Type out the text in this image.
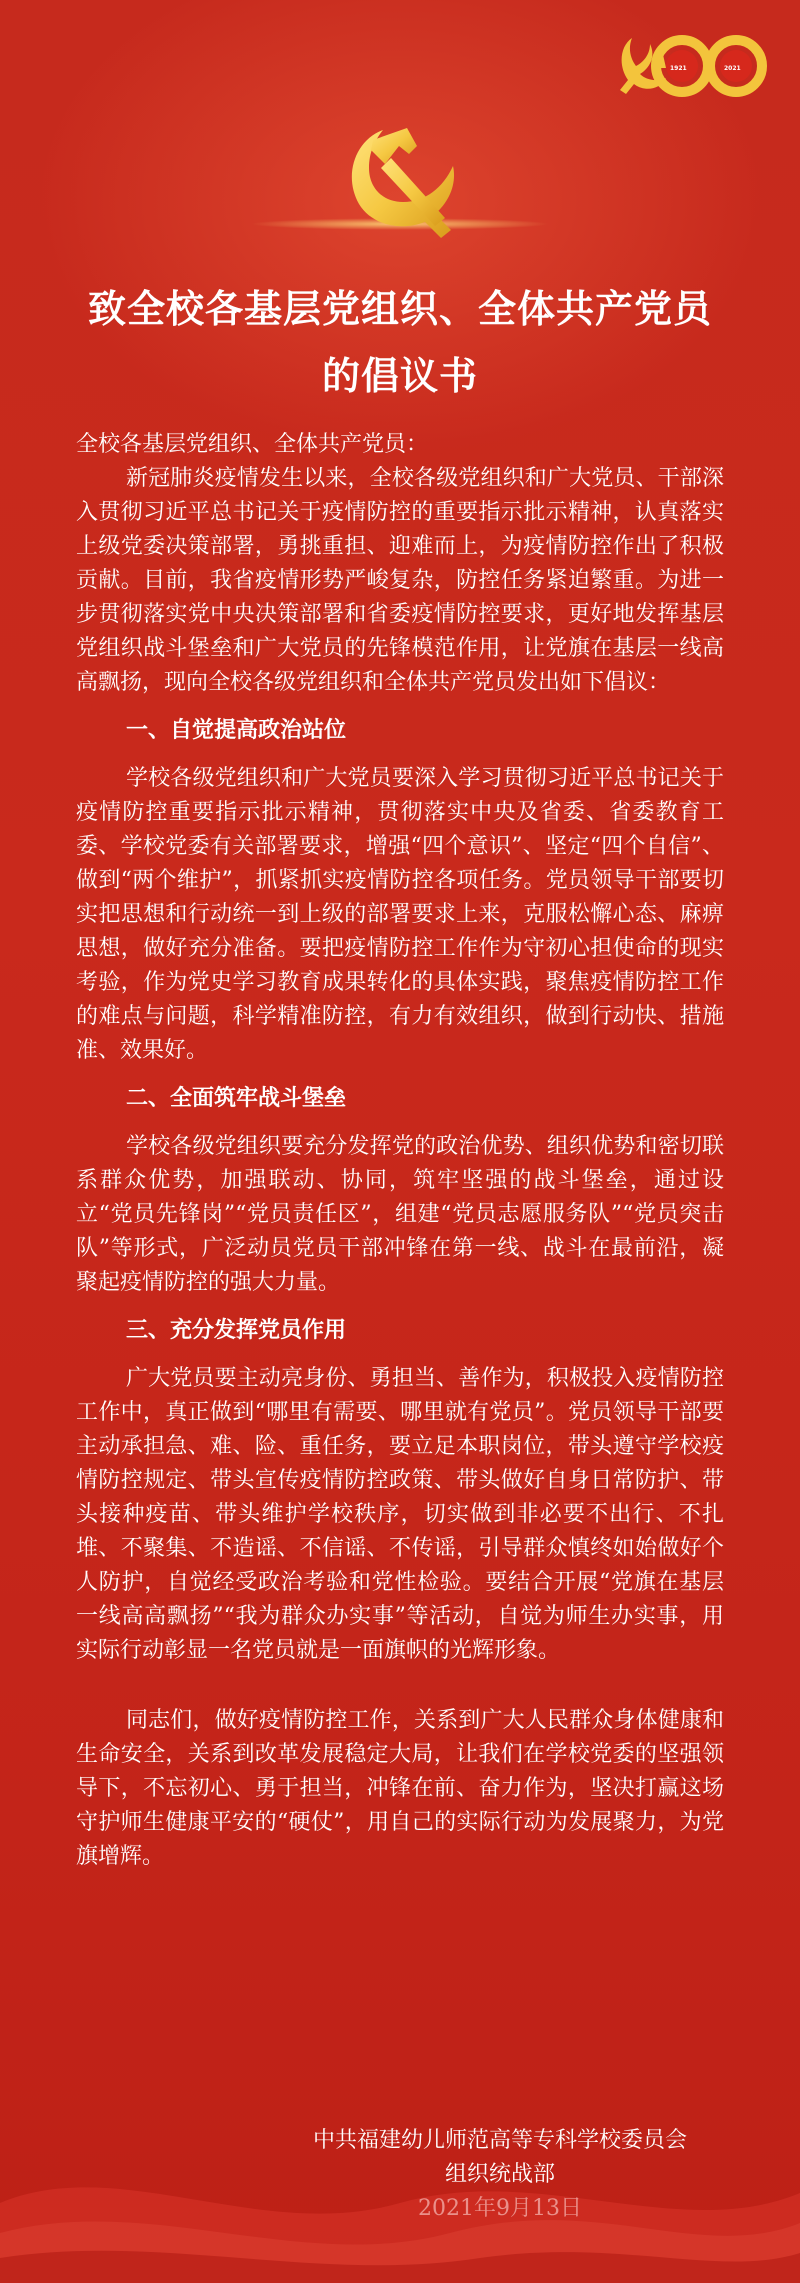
1921	2021
致全校各基层党组织、全体共产党员
的倡议书

全校各基层党组织、全体共产党员：

新冠肺炎疫情发生以来，全校各级党组织和广大党员、干部深入贯彻习近平总书记关于疫情防控的重要指示批示精神，认真落实上级党委决策部署，勇挑重担、迎难而上，为疫情防控作出了积极贡献。目前，我省疫情形势严峻复杂，防控任务紧迫繁重。为进一步贯彻落实党中央决策部署和省委疫情防控要求，更好地发挥基层党组织战斗堡垒和广大党员的先锋模范作用，让党旗在基层一线高高飘扬，现向全校各级党组织和全体共产党员发出如下倡议：

一、自觉提高政治站位

学校各级党组织和广大党员要深入学习贯彻习近平总书记关于疫情防控重要指示批示精神，贯彻落实中央及省委、省委教育工委、学校党委有关部署要求，增强“四个意识”、坚定“四个自信”、做到“两个维护”，抓紧抓实疫情防控各项任务。党员领导干部要切实把思想和行动统一到上级的部署要求上来，克服松懈心态、麻痹思想，做好充分准备。要把疫情防控工作作为守初心担使命的现实考验，作为党史学习教育成果转化的具体实践，聚焦疫情防控工作的难点与问题，科学精准防控，有力有效组织，做到行动快、措施准、效果好。

二、全面筑牢战斗堡垒

学校各级党组织要充分发挥党的政治优势、组织优势和密切联系群众优势，加强联动、协同，筑牢坚强的战斗堡垒，通过设立“党员先锋岗”“党员责任区”，组建“党员志愿服务队”“党员突击队”等形式，广泛动员党员干部冲锋在第一线、战斗在最前沿，凝聚起疫情防控的强大力量。

三、充分发挥党员作用

广大党员要主动亮身份、勇担当、善作为，积极投入疫情防控工作中，真正做到“哪里有需要、哪里就有党员”。党员领导干部要主动承担急、难、险、重任务，要立足本职岗位，带头遵守学校疫情防控规定、带头宣传疫情防控政策、带头做好自身日常防护、带头接种疫苗、带头维护学校秩序，切实做到非必要不出行、不扎堆、不聚集、不造谣、不信谣、不传谣，引导群众慎终如始做好个人防护，自觉经受政治考验和党性检验。要结合开展“党旗在基层一线高高飘扬”“我为群众办实事”等活动，自觉为师生办实事，用实际行动彰显一名党员就是一面旗帜的光辉形象。

同志们，做好疫情防控工作，关系到广大人民群众身体健康和生命安全，关系到改革发展稳定大局，让我们在学校党委的坚强领导下，不忘初心、勇于担当，冲锋在前、奋力作为，坚决打赢这场守护师生健康平安的“硬仗”，用自己的实际行动为发展聚力，为党旗增辉。

中共福建幼儿师范高等专科学校委员会
组织统战部
